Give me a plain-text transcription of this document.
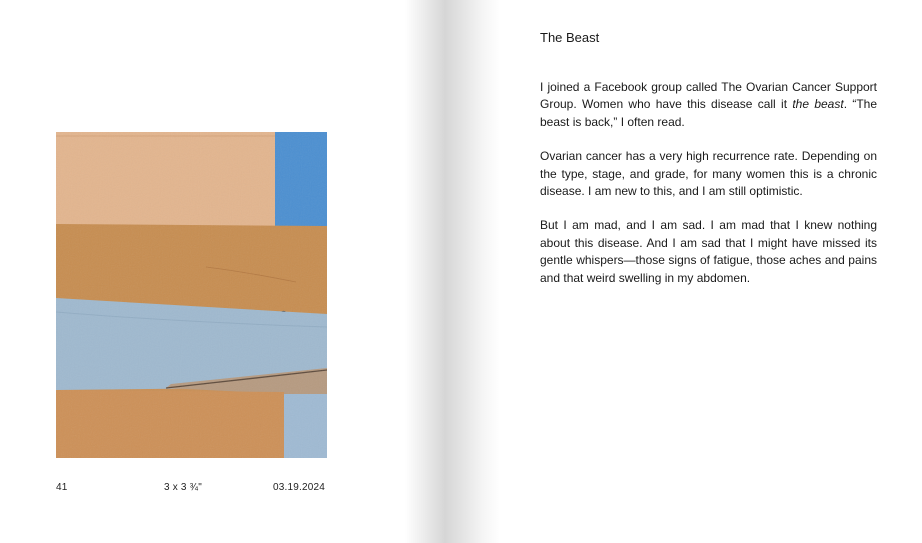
41	3 x 3 ¾"	03.19.2024
The Beast

I joined a Facebook group called The Ovarian Cancer Support Group. Women who have this disease call it the beast. “The beast is back,” I often read.

Ovarian cancer has a very high recurrence rate. Depending on the type, stage, and grade, for many women this is a chronic disease. I am new to this, and I am still optimistic.

But I am mad, and I am sad. I am mad that I knew nothing about this disease. And I am sad that I might have missed its gentle whispers—those signs of fatigue, those aches and pains and that weird swelling in my abdomen.
